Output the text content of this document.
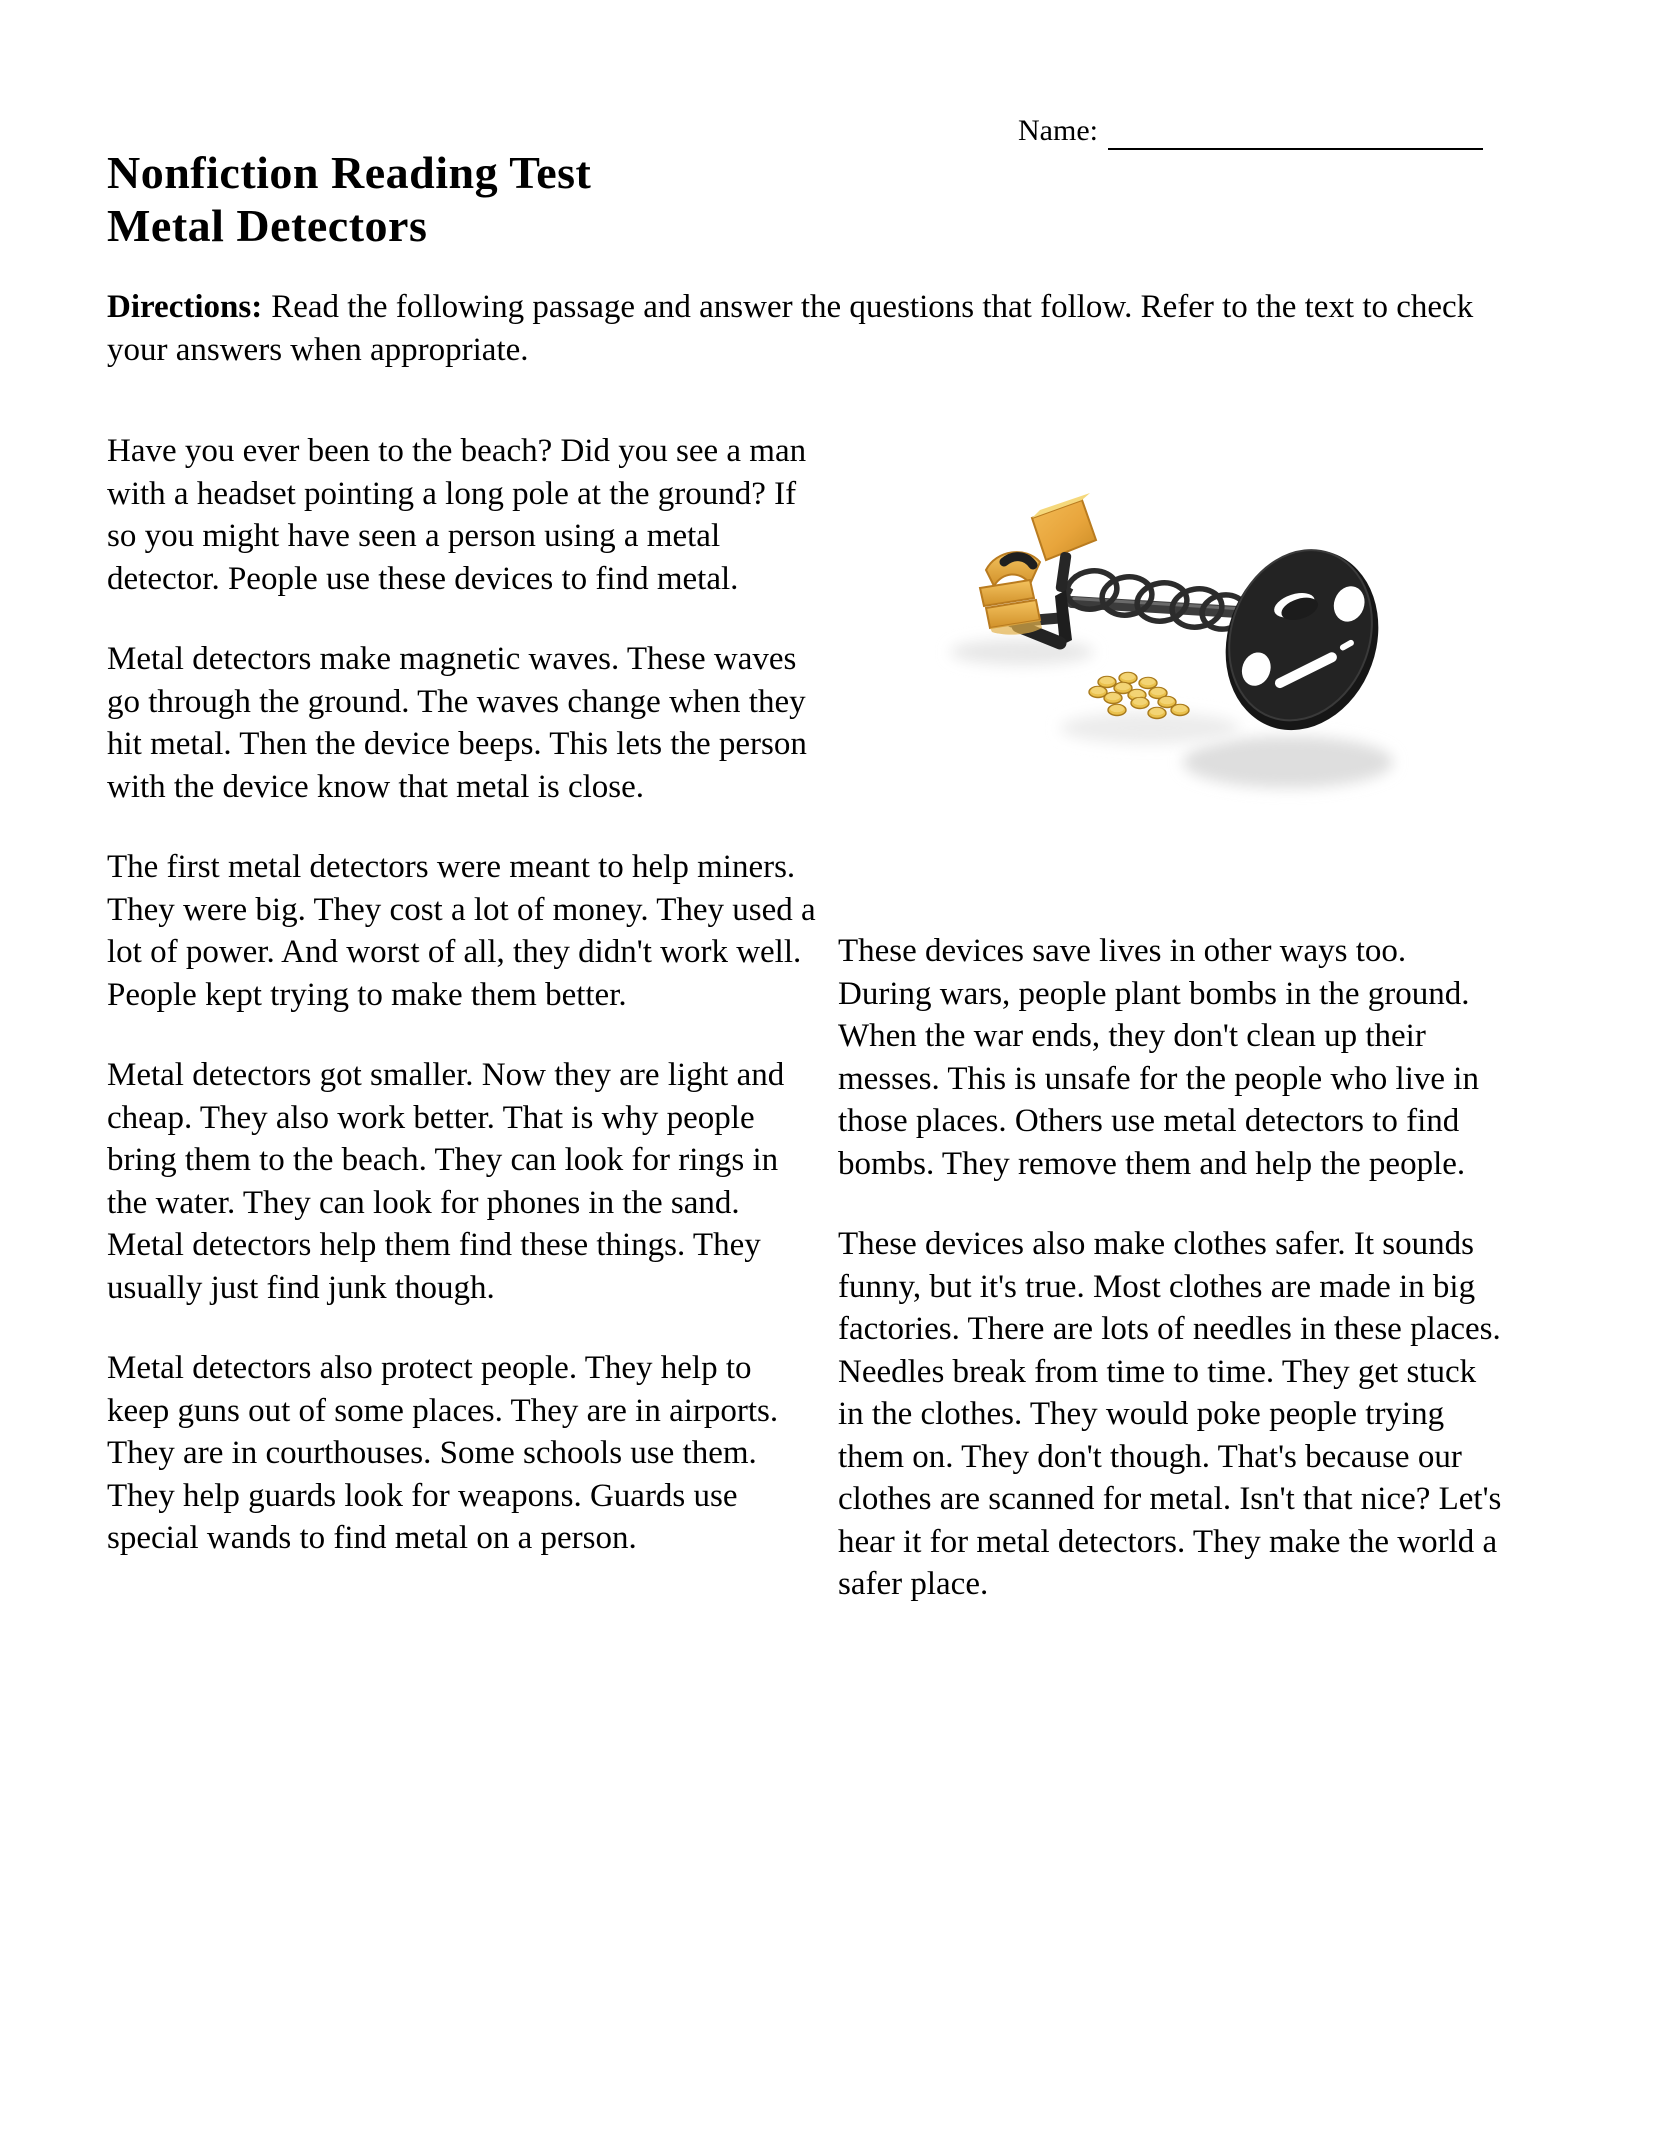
Name:
Nonfiction Reading Test
Metal Detectors

Directions: Read the following passage and answer the questions that follow. Refer to the text to check your answers when appropriate.

Have you ever been to the beach? Did you see a man with a headset pointing a long pole at the ground? If so you might have seen a person using a metal detector. People use these devices to find metal.

Metal detectors make magnetic waves. These waves go through the ground. The waves change when they hit metal. Then the device beeps. This lets the person with the device know that metal is close.

The first metal detectors were meant to help miners. They were big. They cost a lot of money. They used a lot of power. And worst of all, they didn't work well. People kept trying to make them better.

Metal detectors got smaller. Now they are light and cheap. They also work better. That is why people bring them to the beach. They can look for rings in the water. They can look for phones in the sand. Metal detectors help them find these things. They usually just find junk though.

Metal detectors also protect people. They help to keep guns out of some places. They are in airports. They are in courthouses. Some schools use them. They help guards look for weapons. Guards use special wands to find metal on a person.

These devices save lives in other ways too. During wars, people plant bombs in the ground. When the war ends, they don't clean up their messes. This is unsafe for the people who live in those places. Others use metal detectors to find bombs. They remove them and help the people.

These devices also make clothes safer. It sounds funny, but it's true. Most clothes are made in big factories. There are lots of needles in these places. Needles break from time to time. They get stuck in the clothes. They would poke people trying them on. They don't though. That's because our clothes are scanned for metal. Isn't that nice? Let's hear it for metal detectors. They make the world a safer place.
